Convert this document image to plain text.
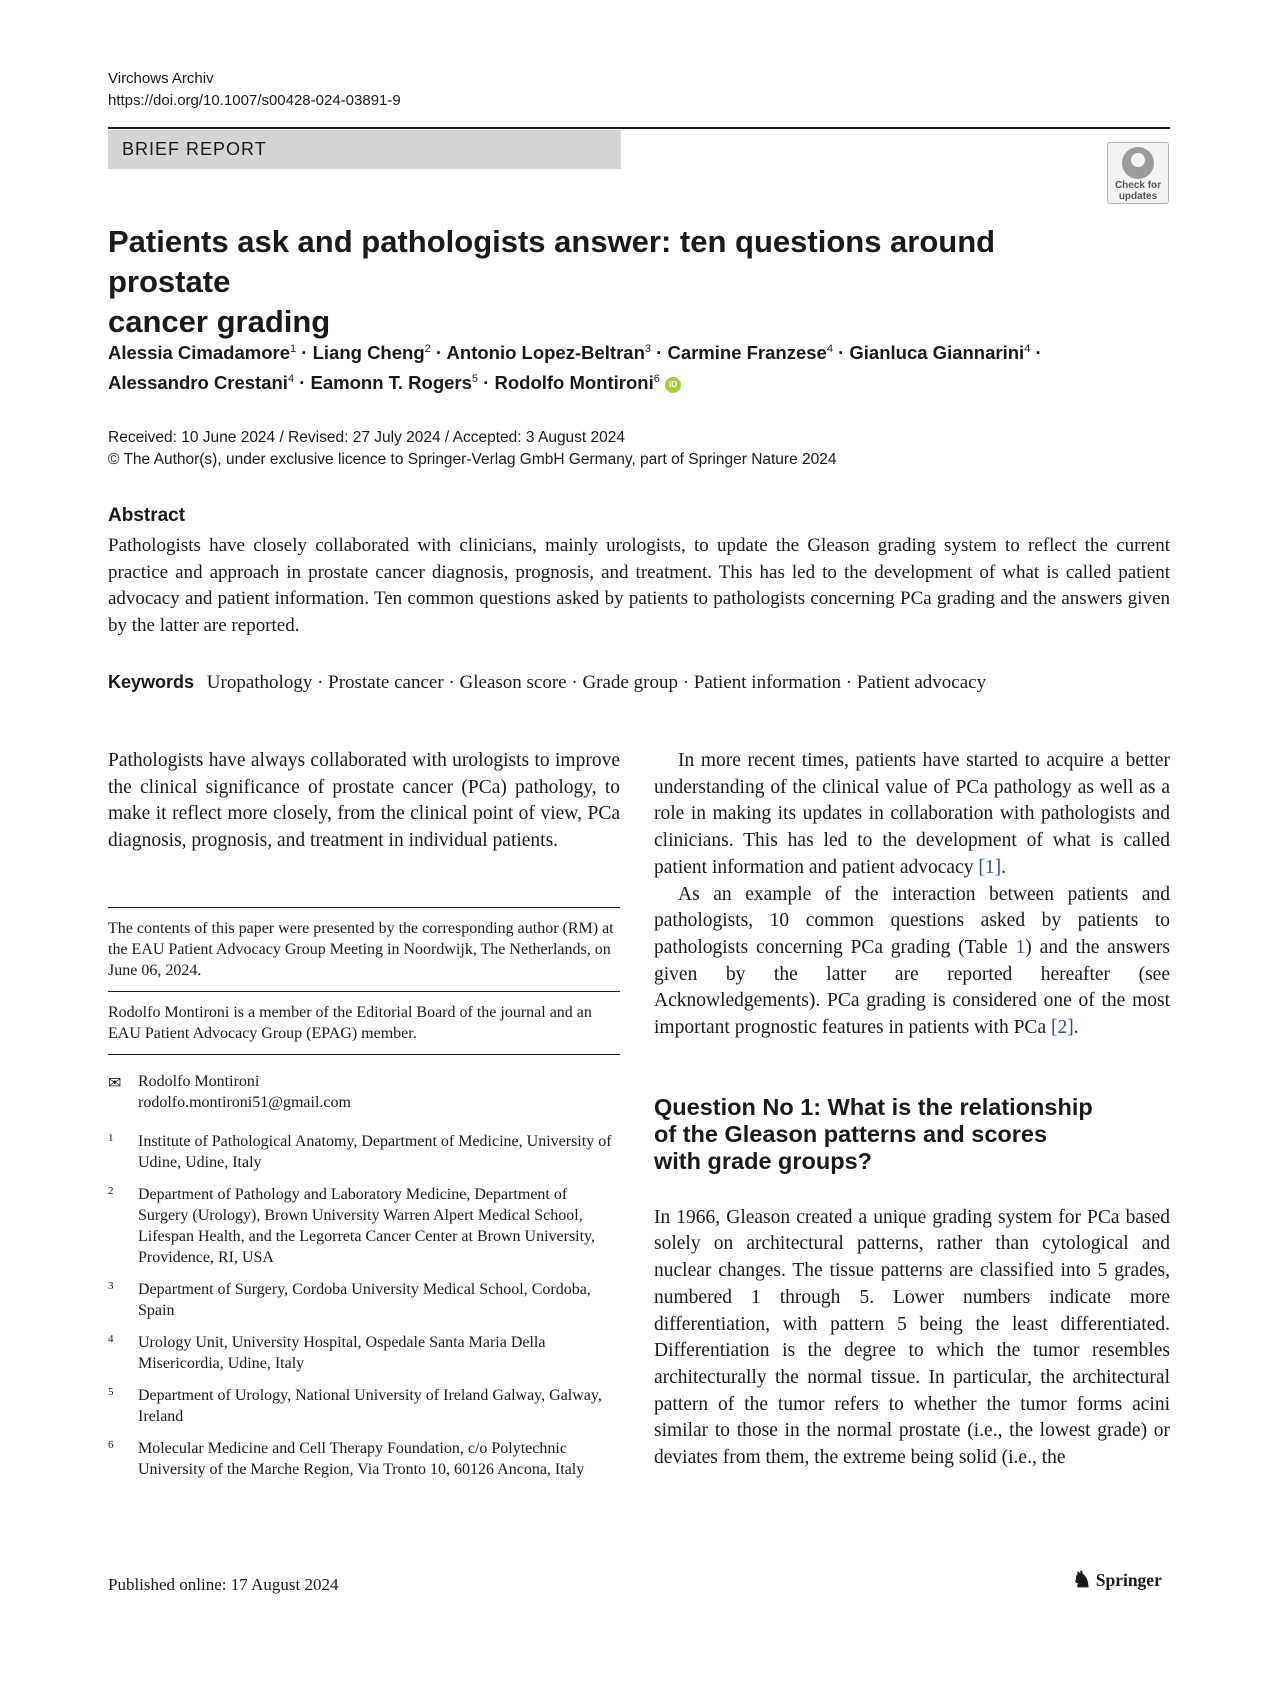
Virchows Archiv
https://doi.org/10.1007/s00428-024-03891-9
BRIEF REPORT
Check for
updates
Patients ask and pathologists answer: ten questions around prostate
cancer grading
Alessia Cimadamore$^1$ · Liang Cheng$^2$ · Antonio Lopez-Beltran$^3$ · Carmine Franzese$^4$ · Gianluca Giannarini$^4$ ·
Alessandro Crestani$^4$ · Eamonn T. Rogers$^5$ · Rodolfo Montironi$^6$ iD
Received: 10 June 2024 / Revised: 27 July 2024 / Accepted: 3 August 2024
© The Author(s), under exclusive licence to Springer-Verlag GmbH Germany, part of Springer Nature 2024
Abstract

Pathologists have closely collaborated with clinicians, mainly urologists, to update the Gleason grading system to reflect the current practice and approach in prostate cancer diagnosis, prognosis, and treatment. This has led to the development of what is called patient advocacy and patient information. Ten common questions asked by patients to pathologists concerning PCa grading and the answers given by the latter are reported.

Keywords Uropathology · Prostate cancer · Gleason score · Grade group · Patient information · Patient advocacy

Pathologists have always collaborated with urologists to improve the clinical significance of prostate cancer (PCa) pathology, to make it reflect more closely, from the clinical point of view, PCa diagnosis, prognosis, and treatment in individual patients.

The contents of this paper were presented by the corresponding author (RM) at the EAU Patient Advocacy Group Meeting in Noordwijk, The Netherlands, on June 06, 2024.

Rodolfo Montironi is a member of the Editorial Board of the journal and an EAU Patient Advocacy Group (EPAG) member.

✉ Rodolfo Montironi
rodolfo.montironi51@gmail.com
1	Institute of Pathological Anatomy, Department of Medicine, University of Udine, Udine, Italy
2	Department of Pathology and Laboratory Medicine, Department of Surgery (Urology), Brown University Warren Alpert Medical School, Lifespan Health, and the Legorreta Cancer Center at Brown University, Providence, RI, USA
3	Department of Surgery, Cordoba University Medical School, Cordoba, Spain
4	Urology Unit, University Hospital, Ospedale Santa Maria Della Misericordia, Udine, Italy
5	Department of Urology, National University of Ireland Galway, Galway, Ireland
6	Molecular Medicine and Cell Therapy Foundation, c/o Polytechnic University of the Marche Region, Via Tronto 10, 60126 Ancona, Italy

In more recent times, patients have started to acquire a better understanding of the clinical value of PCa pathology as well as a role in making its updates in collaboration with pathologists and clinicians. This has led to the development of what is called patient information and patient advocacy [1].

As an example of the interaction between patients and pathologists, 10 common questions asked by patients to pathologists concerning PCa grading (Table 1) and the answers given by the latter are reported hereafter (see Acknowledgements). PCa grading is considered one of the most important prognostic features in patients with PCa [2].

Question No 1: What is the relationship
of the Gleason patterns and scores
with grade groups?

In 1966, Gleason created a unique grading system for PCa based solely on architectural patterns, rather than cytological and nuclear changes. The tissue patterns are classified into 5 grades, numbered 1 through 5. Lower numbers indicate more differentiation, with pattern 5 being the least differentiated. Differentiation is the degree to which the tumor resembles architecturally the normal tissue. In particular, the architectural pattern of the tumor refers to whether the tumor forms acini similar to those in the normal prostate (i.e., the lowest grade) or deviates from them, the extreme being solid (i.e., the

Published online: 17 August 2024	♞ Springer
